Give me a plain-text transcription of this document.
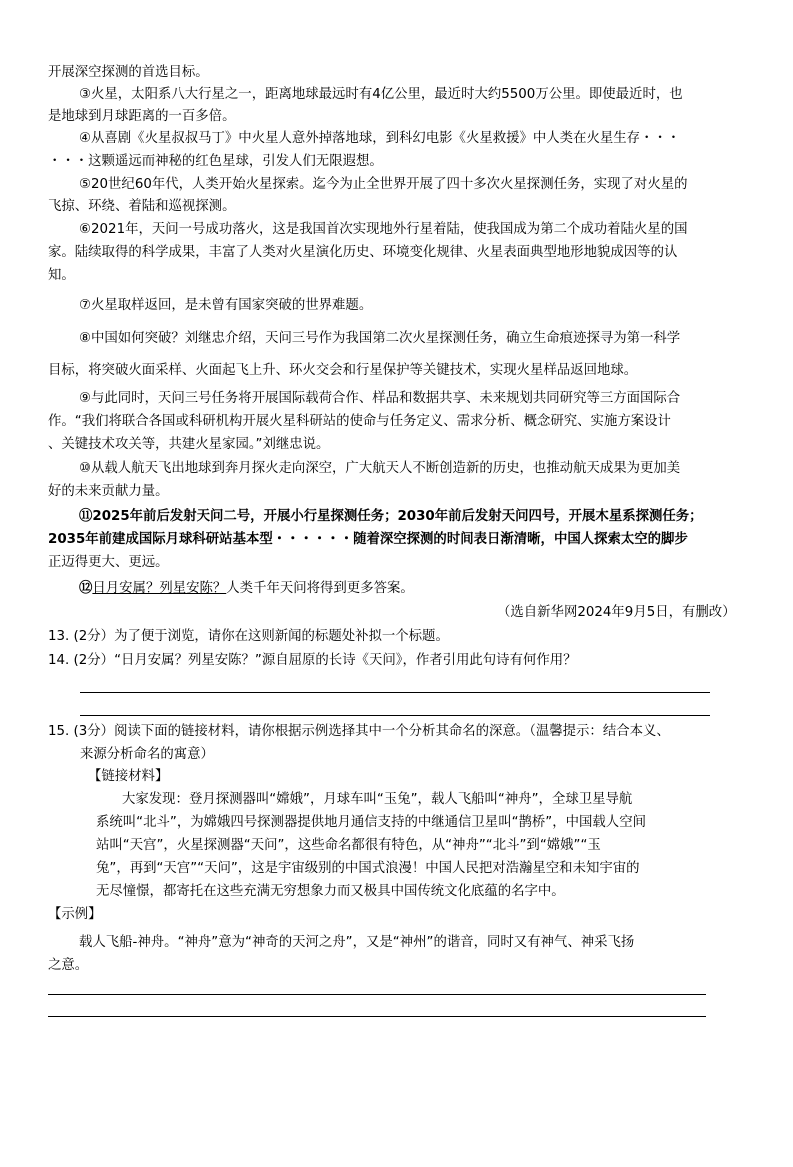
开展深空探测的首选目标。
③火星，太阳系八大行星之一，距离地球最远时有4亿公里，最近时大约5500万公里。即使最近时，也
是地球到月球距离的一百多倍。
④从喜剧《火星叔叔马丁》中火星人意外掉落地球，到科幻电影《火星救援》中人类在火星生存・・・
・・・这颗遥远而神秘的红色星球，引发人们无限遐想。
⑤20世纪60年代，人类开始火星探索。迄今为止全世界开展了四十多次火星探测任务，实现了对火星的
飞掠、环绕、着陆和巡视探测。
⑥2021年，天问一号成功落火，这是我国首次实现地外行星着陆，使我国成为第二个成功着陆火星的国
家。陆续取得的科学成果，丰富了人类对火星演化历史、环境变化规律、火星表面典型地形地貌成因等的认
知。
⑦火星取样返回，是未曾有国家突破的世界难题。
⑧中国如何突破？刘继忠介绍，天问三号作为我国第二次火星探测任务，确立生命痕迹探寻为第一科学
目标，将突破火面采样、火面起飞上升、环火交会和行星保护等关键技术，实现火星样品返回地球。
⑨与此同时，天问三号任务将开展国际载荷合作、样品和数据共享、未来规划共同研究等三方面国际合
作。“我们将联合各国或科研机构开展火星科研站的使命与任务定义、需求分析、概念研究、实施方案设计
、关键技术攻关等，共建火星家园。”刘继忠说。
⑩从载人航天飞出地球到奔月探火走向深空，广大航天人不断创造新的历史，也推动航天成果为更加美
好的未来贡献力量。
⑪2025年前后发射天问二号，开展小行星探测任务；2030年前后发射天问四号，开展木星系探测任务；
2035年前建成国际月球科研站基本型・・・・・・随着深空探测的时间表日渐清晰，中国人探索太空的脚步
正迈得更大、更远。
⑫日月安属？列星安陈？人类千年天问将得到更多答案。
（选自新华网2024年9月5日，有删改）
13. (2分）为了便于浏览，请你在这则新闻的标题处补拟一个标题。
14. (2分）“日月安属？列星安陈？”源自屈原的长诗《天问》，作者引用此句诗有何作用？
15. (3分）阅读下面的链接材料，请你根据示例选择其中一个分析其命名的深意。（温馨提示：结合本义、
来源分析命名的寓意）
【链接材料】
大家发现：登月探测器叫“嫦娥”，月球车叫“玉兔”，载人飞船叫“神舟”，全球卫星导航
系统叫“北斗”，为嫦娥四号探测器提供地月通信支持的中继通信卫星叫“鹊桥”，中国载人空间
站叫“天宫”，火星探测器“天问”，这些命名都很有特色，从“神舟”“北斗”到“嫦娥”“玉
兔”，再到“天宫”“天问”，这是宇宙级别的中国式浪漫！中国人民把对浩瀚星空和未知宇宙的
无尽憧憬，都寄托在这些充满无穷想象力而又极具中国传统文化底蕴的名字中。
【示例】
载人飞船-神舟。“神舟”意为“神奇的天河之舟”，又是“神州”的谐音，同时又有神气、神采飞扬
之意。
